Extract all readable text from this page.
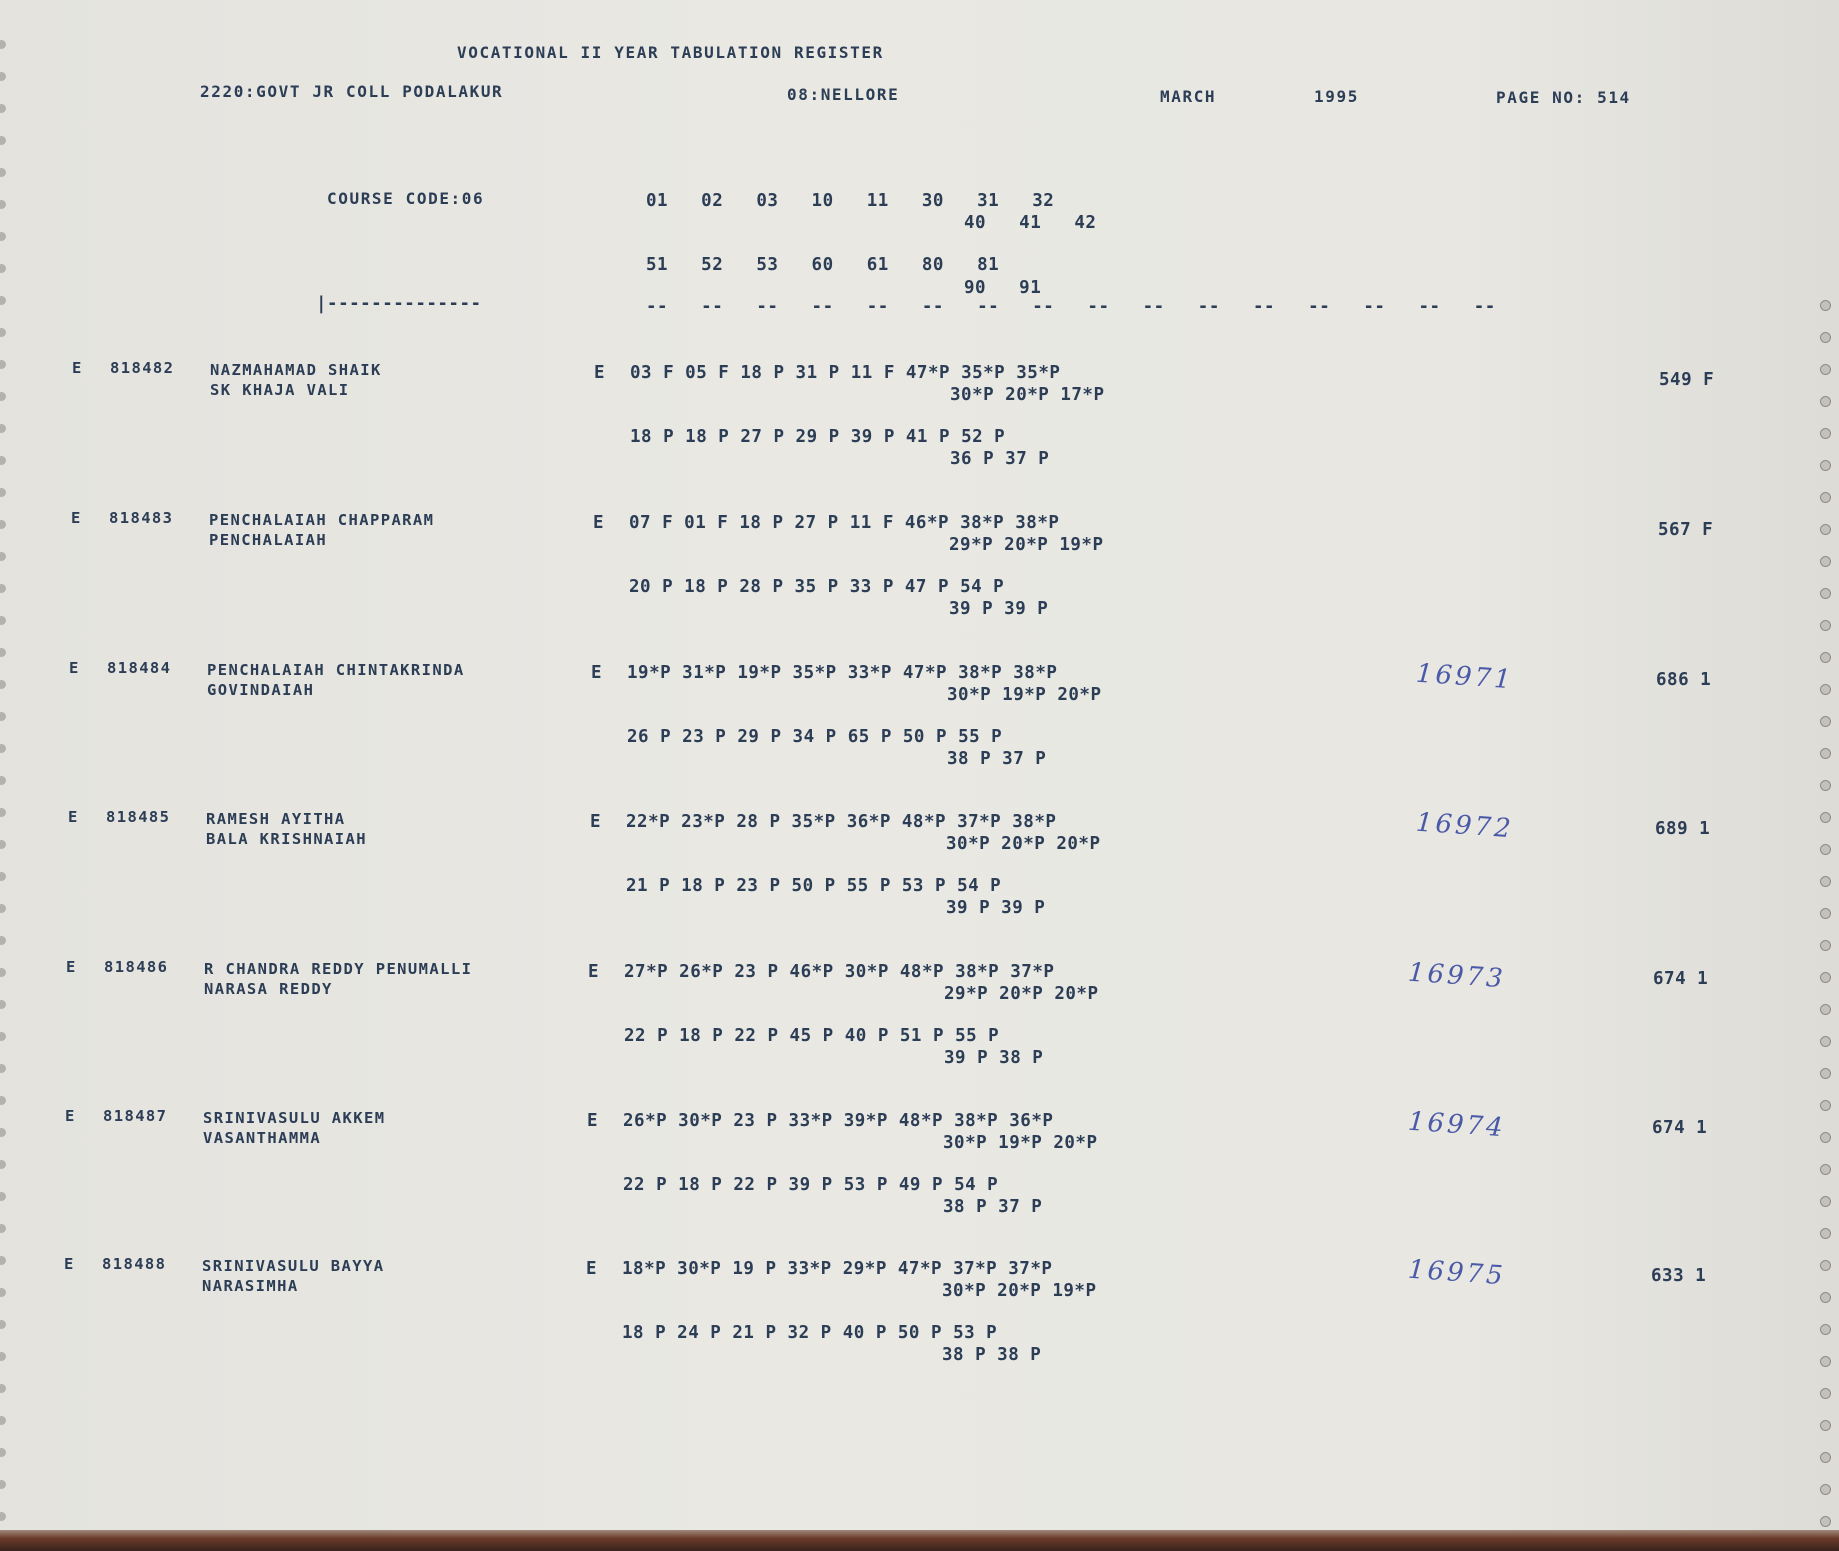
VOCATIONAL II YEAR TABULATION REGISTER
2220:GOVT JR COLL PODALAKUR	08:NELLORE	MARCH	1995	PAGE NO: 514
COURSE CODE:06	01   02   03   10   11   30   31   32
40   41   42
51   52   53   60   61   80   81
90   91
|--------------	--   --   --   --   --   --   --   --   --   --   --   --   --   --   --   --
E 818482 NAZMAHAMAD SHAIK
SK KHAJA VALI
E 03 F 05 F 18 P 31 P 11 F 47*P 35*P 35*P
30*P 20*P 17*P
18 P 18 P 27 P 29 P 39 P 41 P 52 P
36 P 37 P
549 F
E 818483 PENCHALAIAH CHAPPARAM
PENCHALAIAH
E 07 F 01 F 18 P 27 P 11 F 46*P 38*P 38*P
29*P 20*P 19*P
20 P 18 P 28 P 35 P 33 P 47 P 54 P
39 P 39 P
567 F
E 818484 PENCHALAIAH CHINTAKRINDA
GOVINDAIAH
E 19*P 31*P 19*P 35*P 33*P 47*P 38*P 38*P
30*P 19*P 20*P
26 P 23 P 29 P 34 P 65 P 50 P 55 P
38 P 37 P
686 1
16971
E 818485 RAMESH AYITHA
BALA KRISHNAIAH
E 22*P 23*P 28 P 35*P 36*P 48*P 37*P 38*P
30*P 20*P 20*P
21 P 18 P 23 P 50 P 55 P 53 P 54 P
39 P 39 P
689 1
16972
E 818486 R CHANDRA REDDY PENUMALLI
NARASA REDDY
E 27*P 26*P 23 P 46*P 30*P 48*P 38*P 37*P
29*P 20*P 20*P
22 P 18 P 22 P 45 P 40 P 51 P 55 P
39 P 38 P
674 1
16973
E 818487 SRINIVASULU AKKEM
VASANTHAMMA
E 26*P 30*P 23 P 33*P 39*P 48*P 38*P 36*P
30*P 19*P 20*P
22 P 18 P 22 P 39 P 53 P 49 P 54 P
38 P 37 P
674 1
16974
E 818488 SRINIVASULU BAYYA
NARASIMHA
E 18*P 30*P 19 P 33*P 29*P 47*P 37*P 37*P
30*P 20*P 19*P
18 P 24 P 21 P 32 P 40 P 50 P 53 P
38 P 38 P
633 1
16975
